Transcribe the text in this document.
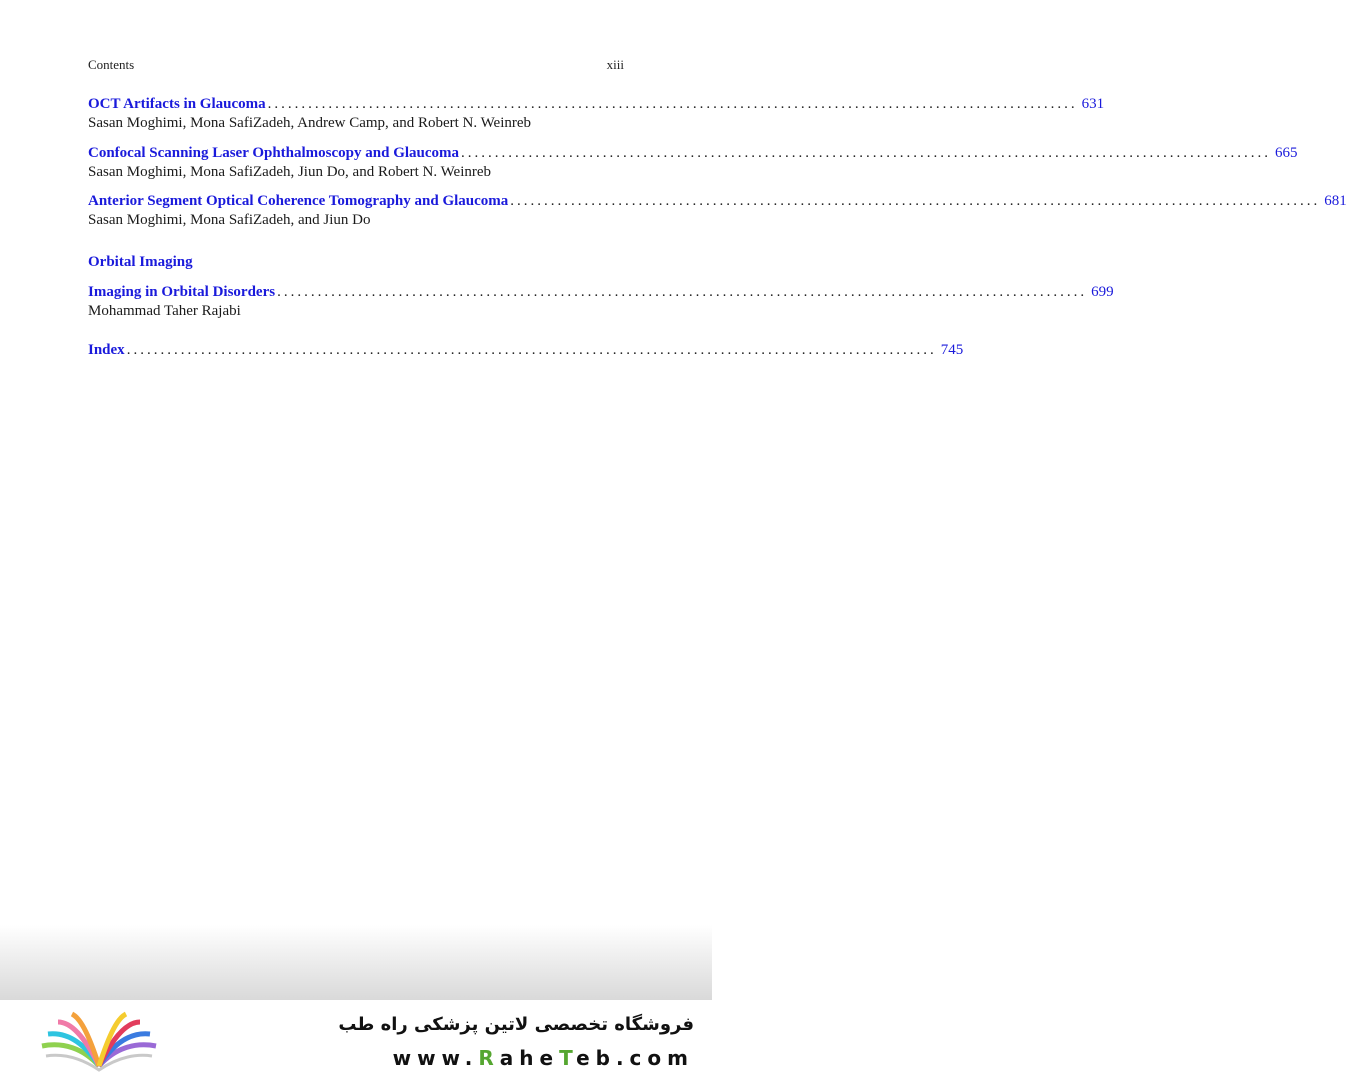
Contents	xiii
OCT Artifacts in Glaucoma ........................................................................................................................ 631
Sasan Moghimi, Mona SafiZadeh, Andrew Camp, and Robert N. Weinreb
Confocal Scanning Laser Ophthalmoscopy and Glaucoma ........................................................................................................................ 665
Sasan Moghimi, Mona SafiZadeh, Jiun Do, and Robert N. Weinreb
Anterior Segment Optical Coherence Tomography and Glaucoma ........................................................................................................................ 681
Sasan Moghimi, Mona SafiZadeh, and Jiun Do
Orbital Imaging
Imaging in Orbital Disorders ........................................................................................................................ 699
Mohammad Taher Rajabi
Index ........................................................................................................................ 745
فروشگاه تخصصی لاتین پزشکی راه طب
www.RaheTeb.com
